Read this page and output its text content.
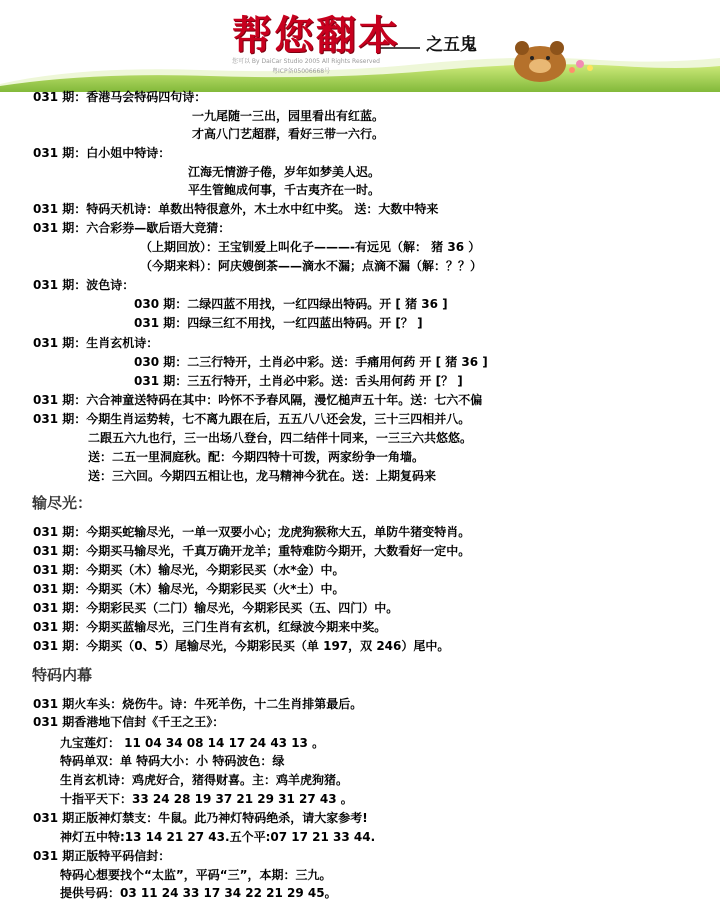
帮您翻本 之五鬼
您可以 By DaiCar Studio 2005 All Rights Reserved
粤ICP备05006668号
031 期：香港马会特码四句诗：
一九尾随一三出，园里看出有红蓝。
才高八门艺超群，看好三带一六行。
031 期：白小姐中特诗：
江海无情游子倦，岁年如梦美人迟。
平生管鲍成何事，千古夷齐在一时。
031 期：特码天机诗：单数出特很意外，木土水中红中奖。 送：大数中特来
031 期：六合彩券—歇后语大竞猜：
（上期回放）：王宝钏爱上叫化子———-有远见（解： 猪 36 ）
（今期来料）：阿庆嫂倒茶——滴水不漏；点滴不漏（解：？？）
031 期：波色诗：
030 期：二绿四蓝不用找，一红四绿出特码。开 [ 猪 36 ]
031 期：四绿三红不用找，一红四蓝出特码。开 [？ ]
031 期：生肖玄机诗：
030 期：二三行特开，土肖必中彩。送：手痛用何药 开 [ 猪 36 ]
031 期：三五行特开，土肖必中彩。送：舌头用何药 开 [？ ]
031 期：六合神童送特码在其中：吟怀不予春风隔，漫忆槌声五十年。送：七六不偏
031 期：今期生肖运势转，七不离九跟在后，五五八八还会发，三十三四相并八。
二跟五六九也行，三一出场八登台，四二结伴十同来，一三三六共悠悠。
送：二五一里洞庭秋。配：今期四特十可拨，两家纷争一角墙。
送：三六回。今期四五相让也，龙马精神今犹在。送：上期复码来
输尽光：
031 期：今期买蛇输尽光，一单一双要小心；龙虎狗猴称大五，单防牛猪变特肖。
031 期：今期买马输尽光，千真万确开龙羊；重特难防今期开，大数看好一定中。
031 期：今期买（木）输尽光，今期彩民买（水*金）中。
031 期：今期买（木）输尽光，今期彩民买（火*土）中。
031 期：今期彩民买（二门）输尽光，今期彩民买（五、四门）中。
031 期：今期买蓝输尽光，三门生肖有玄机，红绿波今期来中奖。
031 期：今期买（0、5）尾输尽光，今期彩民买（单 197，双 246）尾中。
特码内幕
031 期火车头：烧伤牛。诗：牛死羊伤，十二生肖排第最后。
031 期香港地下信封《千王之王》：
九宝莲灯： 11 04 34 08 14 17 24 43 13 。
特码单双：单 特码大小：小 特码波色：绿
生肖玄机诗：鸡虎好合，猪得财喜。主：鸡羊虎狗猪。
十指平天下：33 24 28 19 37 21 29 31 27 43 。
031 期正版神灯禁支：牛鼠。此乃神灯特码绝杀，请大家参考!
神灯五中特:13 14 21 27 43.五个平:07 17 21 33 44.
031 期正版特平码信封：
特码心想要找个“太监”，平码“三”，本期：三九。
提供号码：03 11 24 33 17 34 22 21 29 45。
